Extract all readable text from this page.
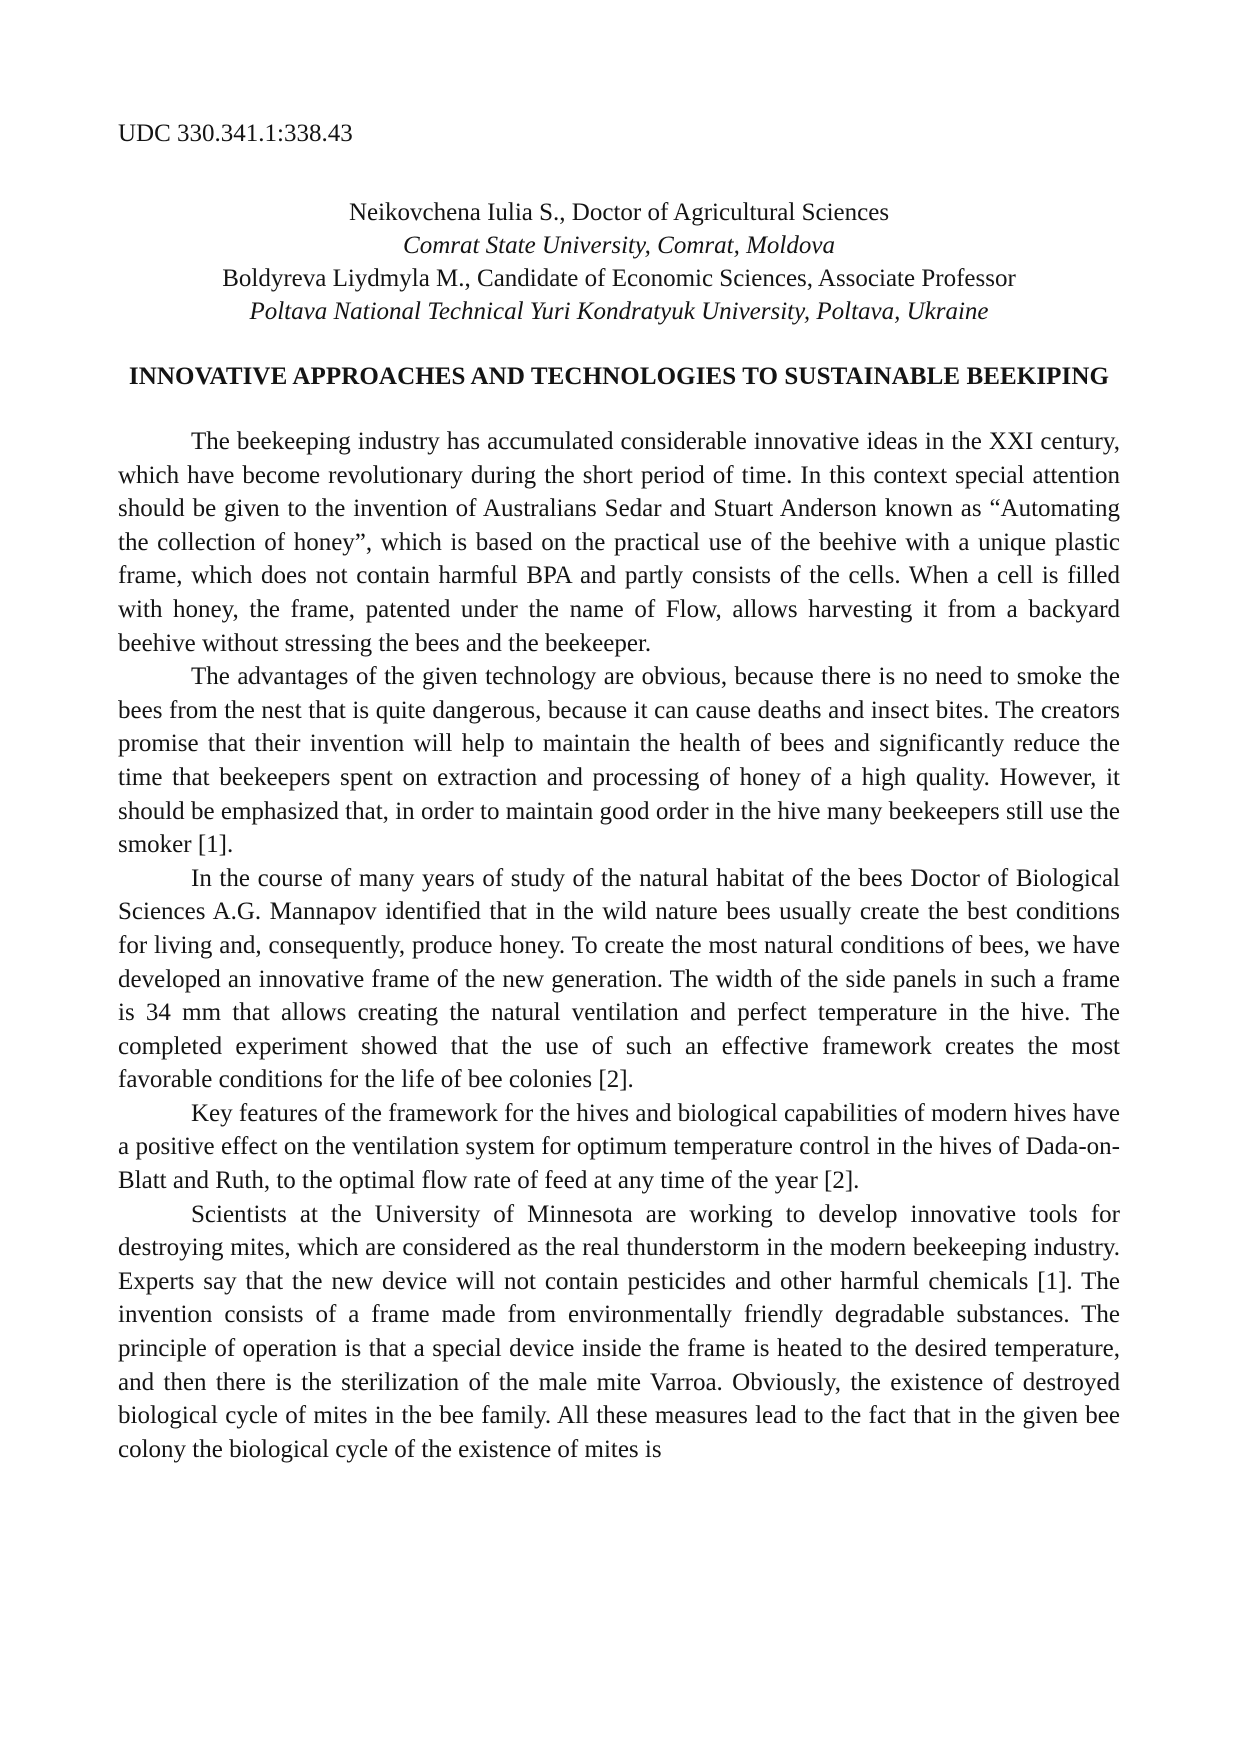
UDC 330.341.1:338.43

Neikovchena Iulia S., Doctor of Agricultural Sciences
Comrat State University, Comrat, Moldova
Boldyreva Liydmyla M., Candidate of Economic Sciences, Associate Professor
Poltava National Technical Yuri Kondratyuk University, Poltava, Ukraine
INNOVATIVE APPROACHES AND TECHNOLOGIES TO SUSTAINABLE BEEKIPING

The beekeeping industry has accumulated considerable innovative ideas in the XXI century, which have become revolutionary during the short period of time. In this context special attention should be given to the invention of Australians Sedar and Stuart Anderson known as “Automating the collection of honey”, which is based on the practical use of the beehive with a unique plastic frame, which does not contain harmful BPA and partly consists of the cells. When a cell is filled with honey, the frame, patented under the name of Flow, allows harvesting it from a backyard beehive without stressing the bees and the beekeeper.

The advantages of the given technology are obvious, because there is no need to smoke the bees from the nest that is quite dangerous, because it can cause deaths and insect bites. The creators promise that their invention will help to maintain the health of bees and significantly reduce the time that beekeepers spent on extraction and processing of honey of a high quality. However, it should be emphasized that, in order to maintain good order in the hive many beekeepers still use the smoker [1].

In the course of many years of study of the natural habitat of the bees Doctor of Biological Sciences A.G. Mannapov identified that in the wild nature bees usually create the best conditions for living and, consequently, produce honey. To create the most natural conditions of bees, we have developed an innovative frame of the new generation. The width of the side panels in such a frame is 34 mm that allows creating the natural ventilation and perfect temperature in the hive. The completed experiment showed that the use of such an effective framework creates the most favorable conditions for the life of bee colonies [2].

Key features of the framework for the hives and biological capabilities of modern hives have a positive effect on the ventilation system for optimum temperature control in the hives of Dada-on-Blatt and Ruth, to the optimal flow rate of feed at any time of the year [2].

Scientists at the University of Minnesota are working to develop innovative tools for destroying mites, which are considered as the real thunderstorm in the modern beekeeping industry. Experts say that the new device will not contain pesticides and other harmful chemicals [1]. The invention consists of a frame made from environmentally friendly degradable substances. The principle of operation is that a special device inside the frame is heated to the desired temperature, and then there is the sterilization of the male mite Varroa. Obviously, the existence of destroyed biological cycle of mites in the bee family. All these measures lead to the fact that in the given bee colony the biological cycle of the existence of mites is
